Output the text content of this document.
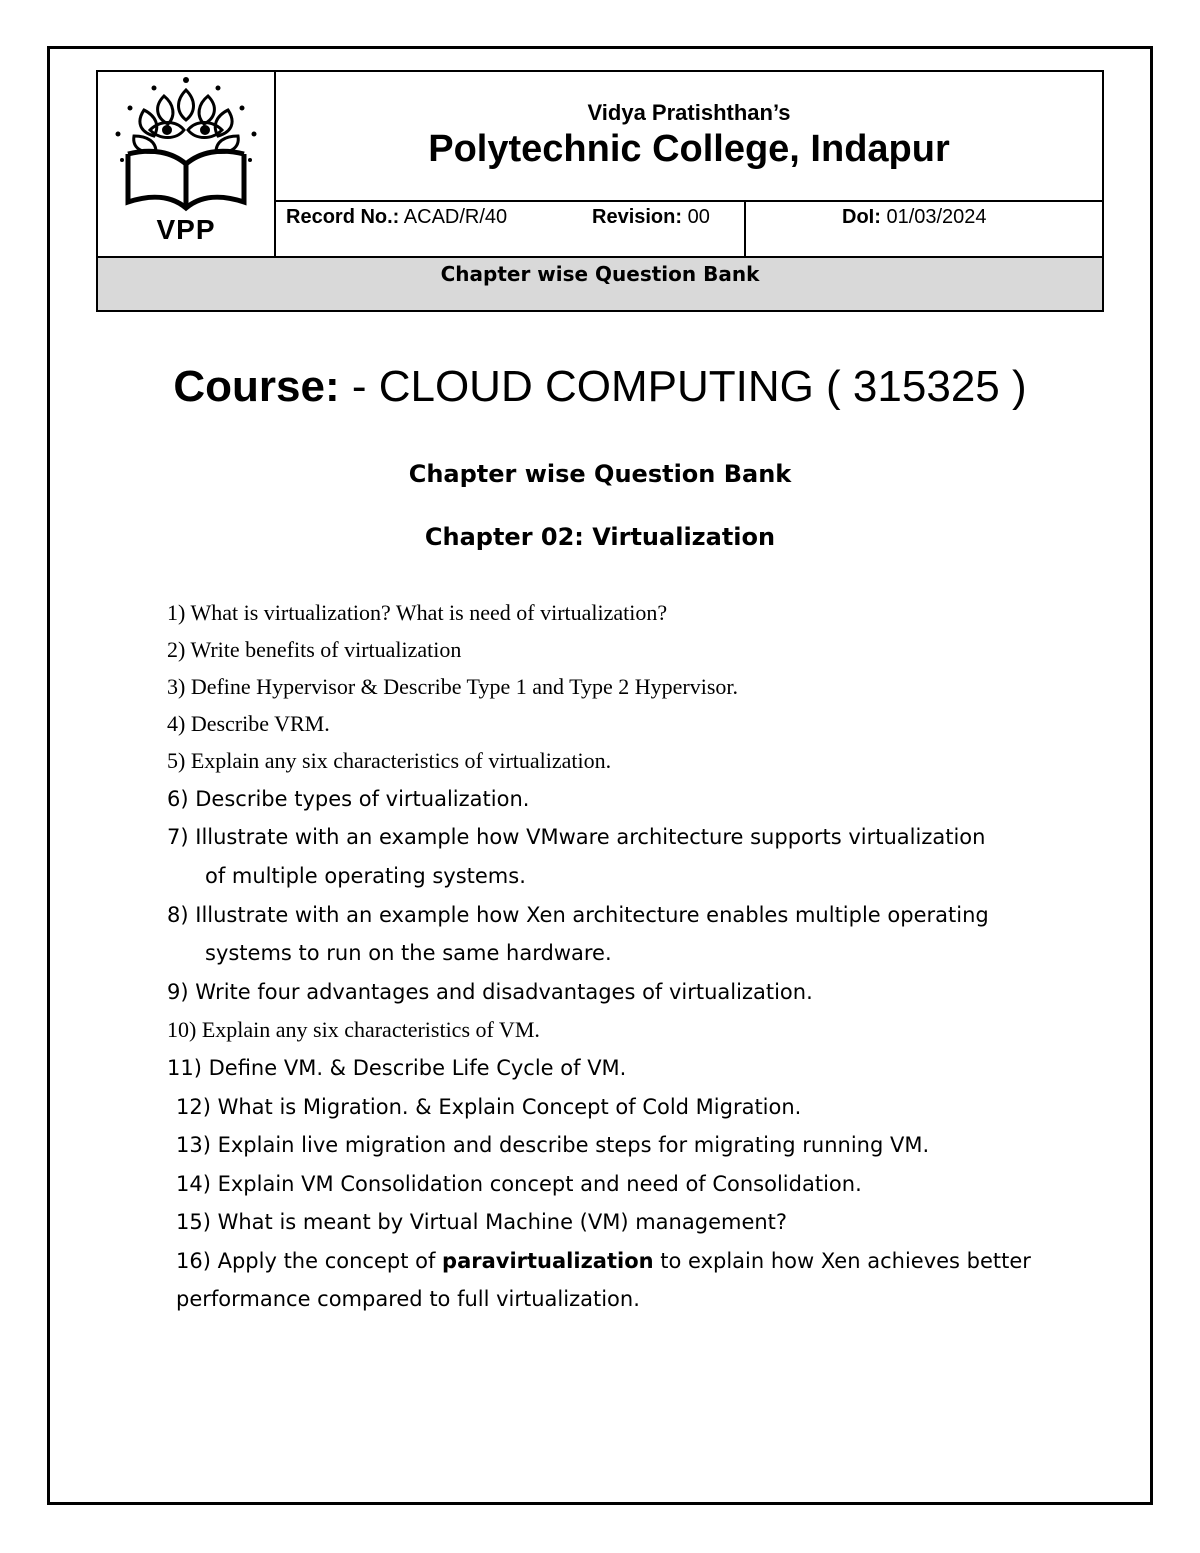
VPP
Vidya Pratishthan’s
Polytechnic College, Indapur
Record No.: ACAD/R/40	Revision: 00	DoI: 01/03/2024
Chapter wise Question Bank
Course: - CLOUD COMPUTING ( 315325 )
Chapter wise Question Bank
Chapter 02: Virtualization
1) What is virtualization? What is need of virtualization?
2) Write benefits of virtualization
3) Define Hypervisor & Describe Type 1 and Type 2 Hypervisor.
4) Describe VRM.
5) Explain any six characteristics of virtualization.
6) Describe types of virtualization.
7) Illustrate with an example how VMware architecture supports virtualization
of multiple operating systems.
8) Illustrate with an example how Xen architecture enables multiple operating
systems to run on the same hardware.
9) Write four advantages and disadvantages of virtualization.
10) Explain any six characteristics of VM.
11) Define VM. & Describe Life Cycle of VM.
12) What is Migration. & Explain Concept of Cold Migration.
13) Explain live migration and describe steps for migrating running VM.
14) Explain VM Consolidation concept and need of Consolidation.
15) What is meant by Virtual Machine (VM) management?
16) Apply the concept of paravirtualization to explain how Xen achieves better
performance compared to full virtualization.
